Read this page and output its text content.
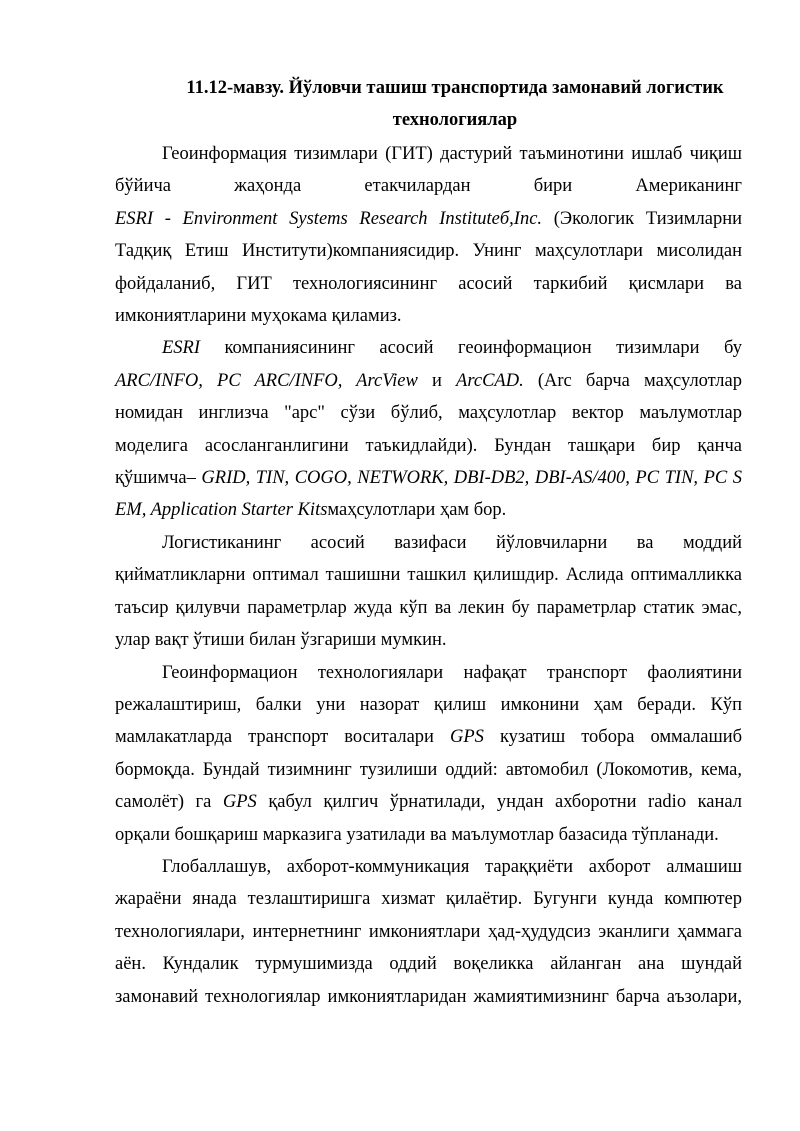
11.12-мавзу. Йўловчи ташиш транспортида замонавий логистик
технологиялар
Геоинформация тизимлари (ГИТ) дастурий таъминотини ишлаб чиқиш
бўйича жаҳонда етакчилардан бири Американинг
ESRI - Environment Systems Research Instituteб,Inc. (Экологик Тизимларни
Тадқиқ Етиш Институти)компаниясидир. Унинг маҳсулотлари мисолидан
фойдаланиб, ГИТ технологиясининг асосий таркибий қисмлари ва
имкониятларини муҳокама қиламиз.
ESRI компаниясининг асосий геоинформацион тизимлари бу
ARC/INFO, PC ARC/INFO, ArcView и ArcCAD. (Arc барча маҳсулотлар
номидан инглизча "арс" сўзи бўлиб, маҳсулотлар вектор маълумотлар
моделига асосланганлигини таъкидлайди). Бундан ташқари бир қанча
қўшимча– GRID, TIN, COGO, NETWORK, DBI-DB2, DBI-AS/400, PC TIN, PC S
EM, Application Starter Kitsмаҳсулотлари ҳам бор.
Логистиканинг асосий вазифаси йўловчиларни ва моддий
қийматликларни оптимал ташишни ташкил қилишдир. Аслида оптималликка
таъсир қилувчи параметрлар жуда кўп ва лекин бу параметрлар статик эмас,
улар вақт ўтиши билан ўзгариши мумкин.
Геоинформацион технологиялари нафақат транспорт фаолиятини
режалаштириш, балки уни назорат қилиш имконини ҳам беради. Кўп
мамлакатларда транспорт воситалари GPS кузатиш тобора оммалашиб
бормоқда. Бундай тизимнинг тузилиши оддий: автомобил (Локомотив, кема,
самолёт) га GPS қабул қилгич ўрнатилади, ундан ахборотни radio канал
орқали бошқариш марказига узатилади ва маълумотлар базасида тўпланади.
Глобаллашув, ахборот-коммуникация тараққиёти ахборот алмашиш
жараёни янада тезлаштиришга хизмат қилаётир. Бугунги кунда компютер
технологиялари, интернетнинг имкониятлари ҳад-ҳудудсиз эканлиги ҳаммага
аён. Кундалик турмушимизда оддий воқеликка айланган ана шундай
замонавий технологиялар имкониятларидан жамиятимизнинг барча аъзолари,
